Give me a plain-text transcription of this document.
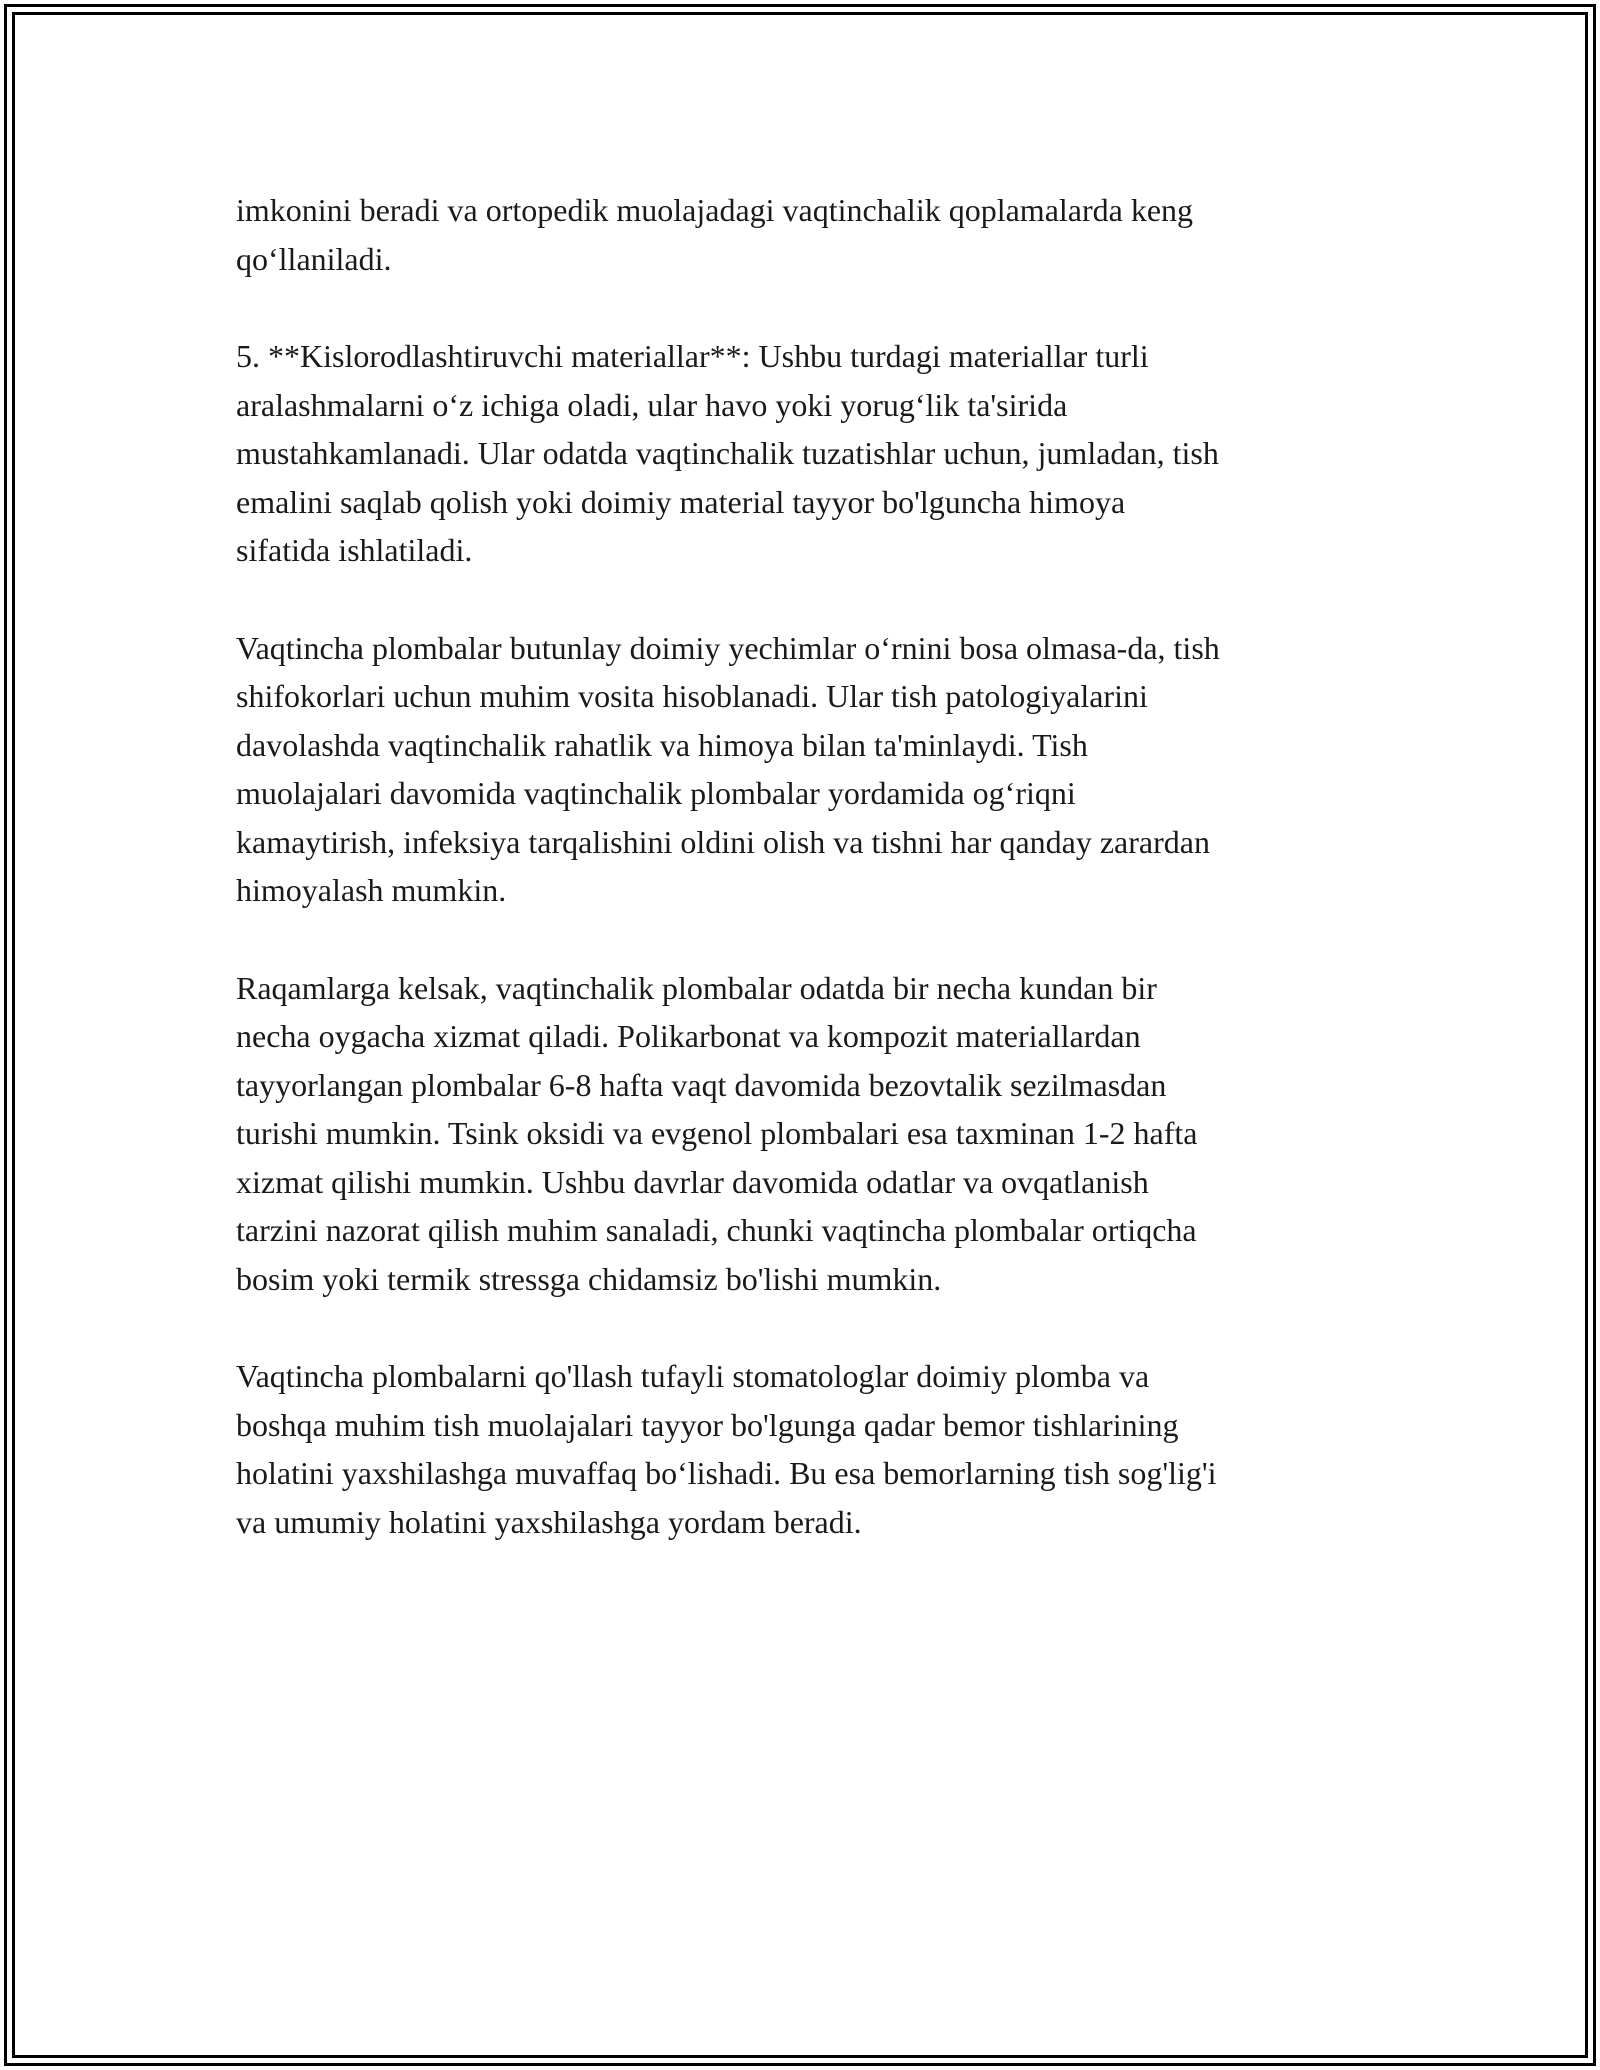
imkonini beradi va ortopedik muolajadagi vaqtinchalik qoplamalarda keng
qo‘llaniladi.

5. **Kislorodlashtiruvchi materiallar**: Ushbu turdagi materiallar turli
aralashmalarni o‘z ichiga oladi, ular havo yoki yorug‘lik ta'sirida
mustahkamlanadi. Ular odatda vaqtinchalik tuzatishlar uchun, jumladan, tish
emalini saqlab qolish yoki doimiy material tayyor bo'lguncha himoya
sifatida ishlatiladi.

Vaqtincha plombalar butunlay doimiy yechimlar o‘rnini bosa olmasa-da, tish
shifokorlari uchun muhim vosita hisoblanadi. Ular tish patologiyalarini
davolashda vaqtinchalik rahatlik va himoya bilan ta'minlaydi. Tish
muolajalari davomida vaqtinchalik plombalar yordamida og‘riqni
kamaytirish, infeksiya tarqalishini oldini olish va tishni har qanday zarardan
himoyalash mumkin.

Raqamlarga kelsak, vaqtinchalik plombalar odatda bir necha kundan bir
necha oygacha xizmat qiladi. Polikarbonat va kompozit materiallardan
tayyorlangan plombalar 6-8 hafta vaqt davomida bezovtalik sezilmasdan
turishi mumkin. Tsink oksidi va evgenol plombalari esa taxminan 1-2 hafta
xizmat qilishi mumkin. Ushbu davrlar davomida odatlar va ovqatlanish
tarzini nazorat qilish muhim sanaladi, chunki vaqtincha plombalar ortiqcha
bosim yoki termik stressga chidamsiz bo'lishi mumkin.

Vaqtincha plombalarni qo'llash tufayli stomatologlar doimiy plomba va
boshqa muhim tish muolajalari tayyor bo'lgunga qadar bemor tishlarining
holatini yaxshilashga muvaffaq bo‘lishadi. Bu esa bemorlarning tish sog'lig'i
va umumiy holatini yaxshilashga yordam beradi.
